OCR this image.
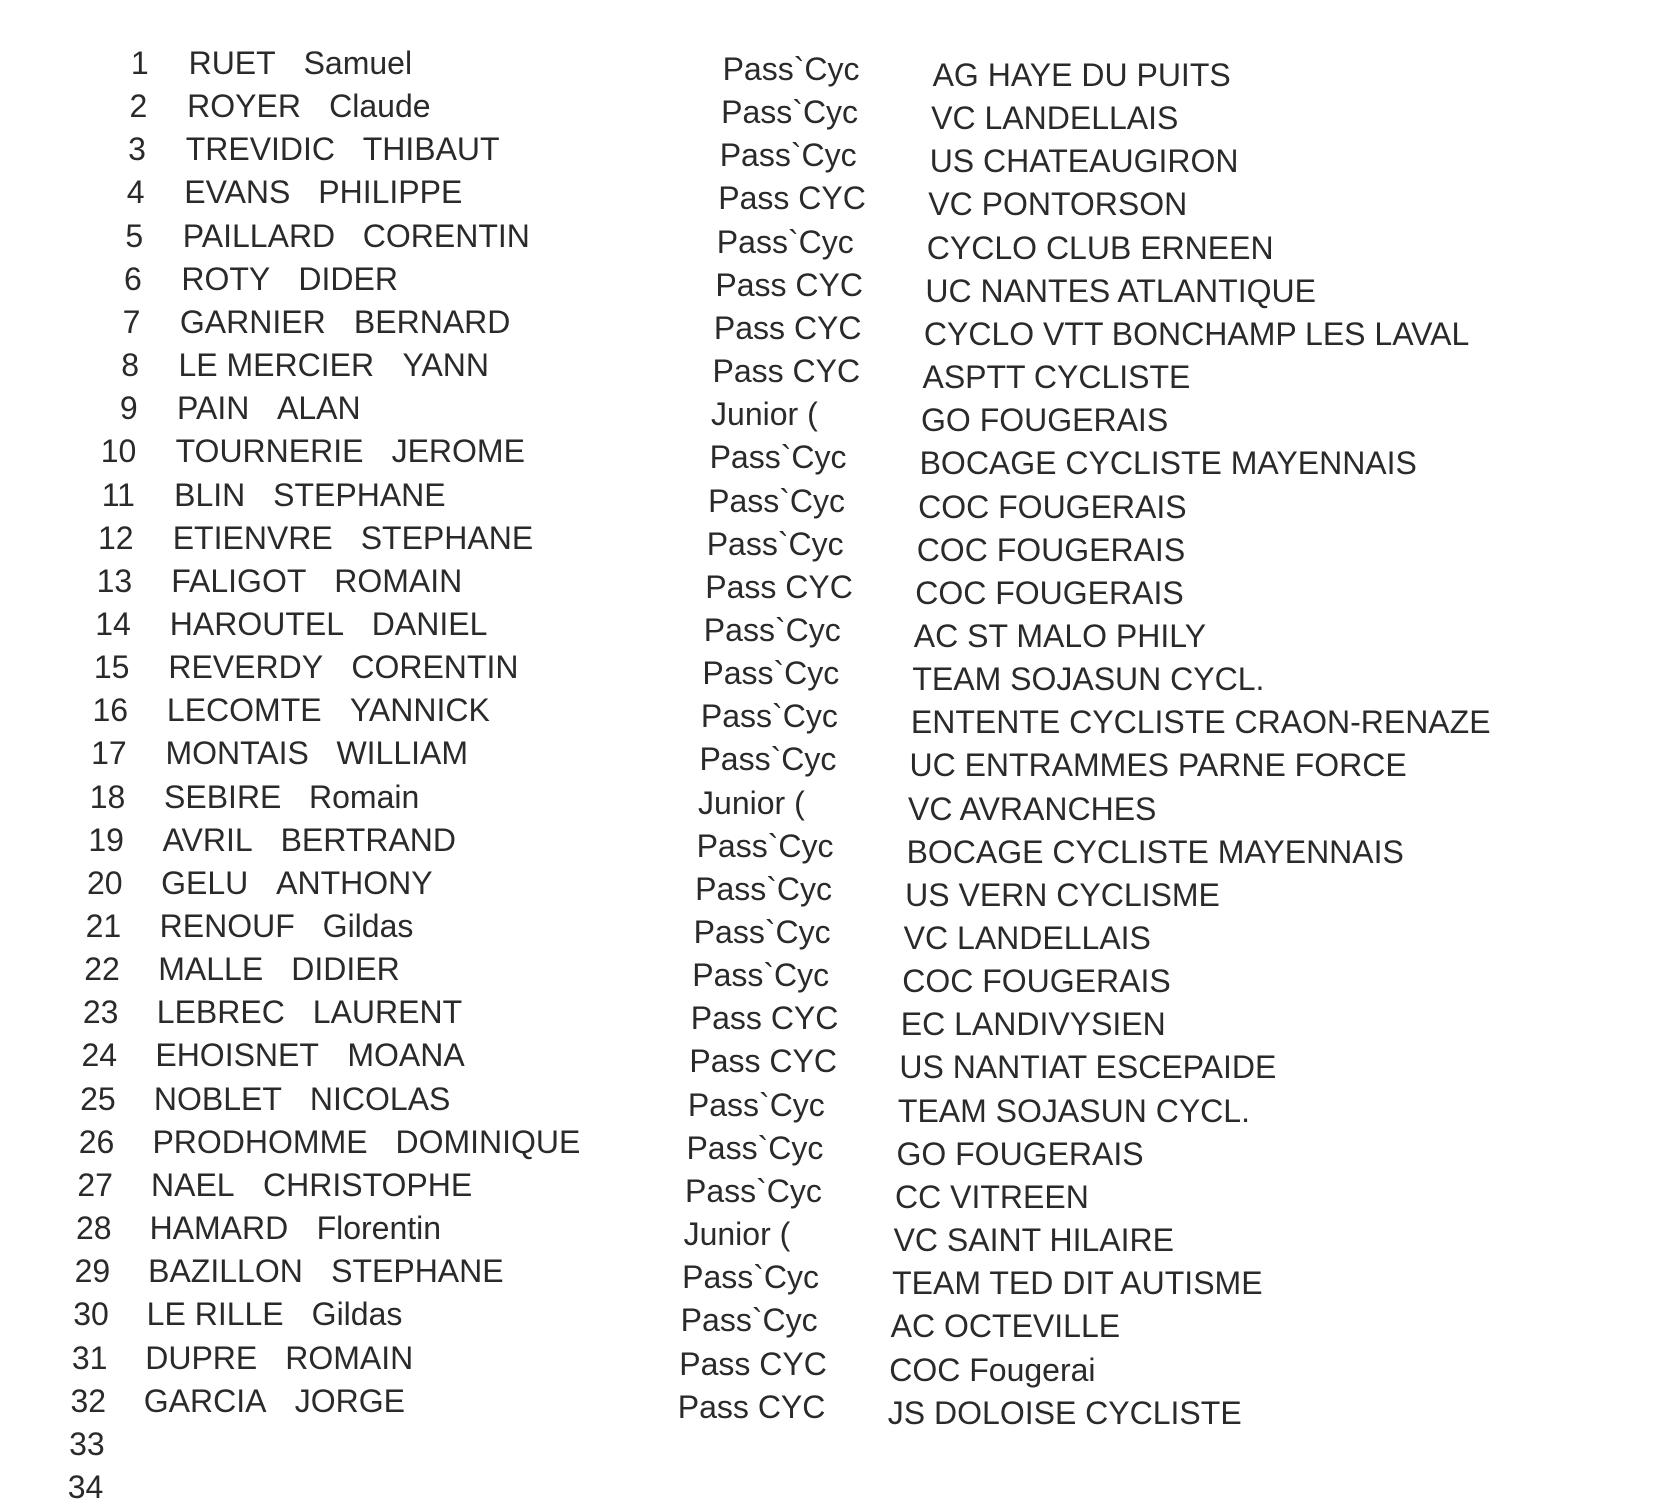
1 RUET Samuel	Pass`Cyc AG HAYE DU PUITS
2 ROYER Claude	Pass`Cyc VC LANDELLAIS
3 TREVIDIC THIBAUT	Pass`Cyc US CHATEAUGIRON
4 EVANS PHILIPPE	Pass CYC VC PONTORSON
5 PAILLARD CORENTIN	Pass`Cyc CYCLO CLUB ERNEEN
6 ROTY DIDER	Pass CYC UC NANTES ATLANTIQUE
7 GARNIER BERNARD	Pass CYC CYCLO VTT BONCHAMP LES LAVAL
8 LE MERCIER YANN	Pass CYC ASPTT CYCLISTE
9 PAIN ALAN	Junior (	GO FOUGERAIS
10 TOURNERIE JEROME	Pass`Cyc BOCAGE CYCLISTE MAYENNAIS
11 BLIN STEPHANE	Pass`Cyc COC FOUGERAIS
12 ETIENVRE STEPHANE	Pass`Cyc COC FOUGERAIS
13 FALIGOT ROMAIN	Pass CYC COC FOUGERAIS
14 HAROUTEL DANIEL	Pass`Cyc AC ST MALO PHILY
15 REVERDY CORENTIN	Pass`Cyc TEAM SOJASUN CYCL.
16 LECOMTE YANNICK	Pass`Cyc ENTENTE CYCLISTE CRAON-RENAZE
17 MONTAIS WILLIAM	Pass`Cyc UC ENTRAMMES PARNE FORCE
18 SEBIRE Romain	Junior (	VC AVRANCHES
19 AVRIL BERTRAND	Pass`Cyc BOCAGE CYCLISTE MAYENNAIS
20 GELU ANTHONY	Pass`Cyc US VERN CYCLISME
21 RENOUF Gildas	Pass`Cyc VC LANDELLAIS
22 MALLE DIDIER	Pass`Cyc COC FOUGERAIS
23 LEBREC LAURENT	Pass CYC EC LANDIVYSIEN
24 EHOISNET MOANA	Pass CYC US NANTIAT ESCEPAIDE
25 NOBLET NICOLAS	Pass`Cyc TEAM SOJASUN CYCL.
26 PRODHOMME DOMINIQUE	Pass`Cyc GO FOUGERAIS
27 NAEL CHRISTOPHE	Pass`Cyc CC VITREEN
28 HAMARD Florentin	Junior (	VC SAINT HILAIRE
29 BAZILLON STEPHANE	Pass`Cyc TEAM TED DIT AUTISME
30 LE RILLE Gildas	Pass`Cyc AC OCTEVILLE
31 DUPRE ROMAIN	Pass CYC COC Fougerai
32 GARCIA JORGE	Pass CYC JS DOLOISE CYCLISTE
33
34
